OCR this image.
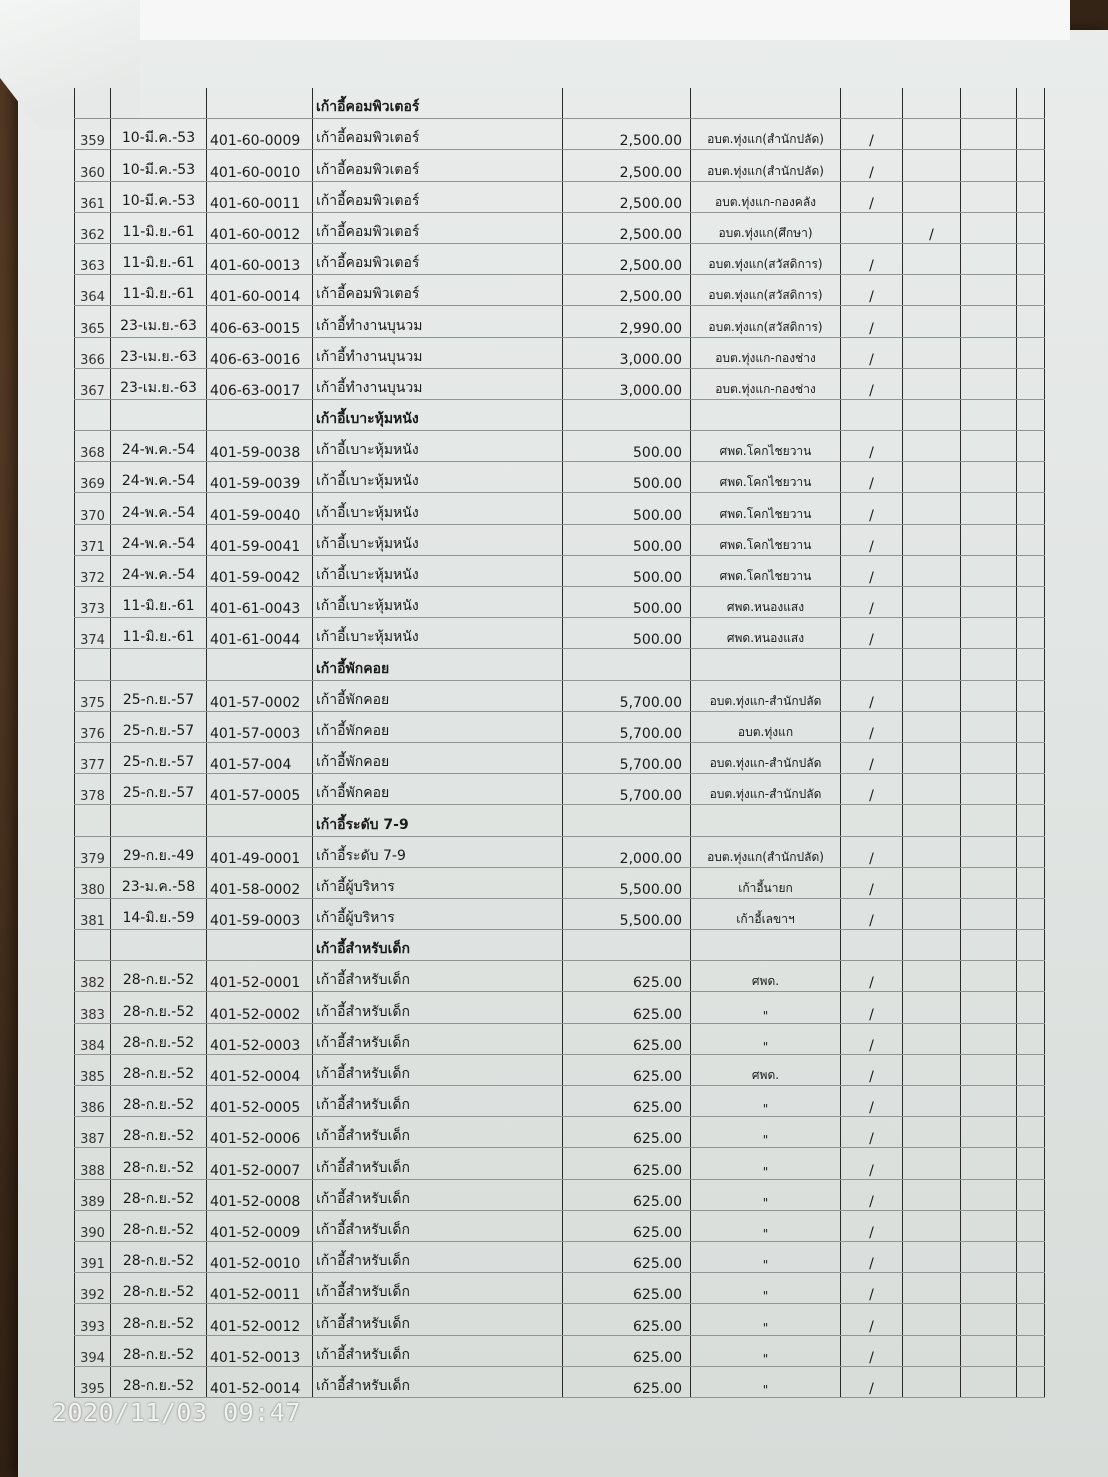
			เก้าอี้คอมพิวเตอร์						
359	10-มี.ค.-53	401-60-0009	เก้าอี้คอมพิวเตอร์	2,500.00	อบต.ทุ่งแก(สำนักปลัด)	/			
360	10-มี.ค.-53	401-60-0010	เก้าอี้คอมพิวเตอร์	2,500.00	อบต.ทุ่งแก(สำนักปลัด)	/			
361	10-มี.ค.-53	401-60-0011	เก้าอี้คอมพิวเตอร์	2,500.00	อบต.ทุ่งแก-กองคลัง	/			
362	11-มิ.ย.-61	401-60-0012	เก้าอี้คอมพิวเตอร์	2,500.00	อบต.ทุ่งแก(ศึกษา)		/		
363	11-มิ.ย.-61	401-60-0013	เก้าอี้คอมพิวเตอร์	2,500.00	อบต.ทุ่งแก(สวัสดิการ)	/			
364	11-มิ.ย.-61	401-60-0014	เก้าอี้คอมพิวเตอร์	2,500.00	อบต.ทุ่งแก(สวัสดิการ)	/			
365	23-เม.ย.-63	406-63-0015	เก้าอี้ทำงานบุนวม	2,990.00	อบต.ทุ่งแก(สวัสดิการ)	/			
366	23-เม.ย.-63	406-63-0016	เก้าอี้ทำงานบุนวม	3,000.00	อบต.ทุ่งแก-กองช่าง	/			
367	23-เม.ย.-63	406-63-0017	เก้าอี้ทำงานบุนวม	3,000.00	อบต.ทุ่งแก-กองช่าง	/			
			เก้าอี้เบาะหุ้มหนัง						
368	24-พ.ค.-54	401-59-0038	เก้าอี้เบาะหุ้มหนัง	500.00	ศพด.โคกไชยวาน	/			
369	24-พ.ค.-54	401-59-0039	เก้าอี้เบาะหุ้มหนัง	500.00	ศพด.โคกไชยวาน	/			
370	24-พ.ค.-54	401-59-0040	เก้าอี้เบาะหุ้มหนัง	500.00	ศพด.โคกไชยวาน	/			
371	24-พ.ค.-54	401-59-0041	เก้าอี้เบาะหุ้มหนัง	500.00	ศพด.โคกไชยวาน	/			
372	24-พ.ค.-54	401-59-0042	เก้าอี้เบาะหุ้มหนัง	500.00	ศพด.โคกไชยวาน	/			
373	11-มิ.ย.-61	401-61-0043	เก้าอี้เบาะหุ้มหนัง	500.00	ศพด.หนองแสง	/			
374	11-มิ.ย.-61	401-61-0044	เก้าอี้เบาะหุ้มหนัง	500.00	ศพด.หนองแสง	/			
			เก้าอี้พักคอย						
375	25-ก.ย.-57	401-57-0002	เก้าอี้พักคอย	5,700.00	อบต.ทุ่งแก-สำนักปลัด	/			
376	25-ก.ย.-57	401-57-0003	เก้าอี้พักคอย	5,700.00	อบต.ทุ่งแก	/			
377	25-ก.ย.-57	401-57-004	เก้าอี้พักคอย	5,700.00	อบต.ทุ่งแก-สำนักปลัด	/			
378	25-ก.ย.-57	401-57-0005	เก้าอี้พักคอย	5,700.00	อบต.ทุ่งแก-สำนักปลัด	/			
			เก้าอี้ระดับ 7-9						
379	29-ก.ย.-49	401-49-0001	เก้าอี้ระดับ 7-9	2,000.00	อบต.ทุ่งแก(สำนักปลัด)	/			
380	23-ม.ค.-58	401-58-0002	เก้าอี้ผู้บริหาร	5,500.00	เก้าอี้นายก	/			
381	14-มิ.ย.-59	401-59-0003	เก้าอี้ผู้บริหาร	5,500.00	เก้าอี้เลขาฯ	/			
			เก้าอี้สำหรับเด็ก						
382	28-ก.ย.-52	401-52-0001	เก้าอี้สำหรับเด็ก	625.00	ศพด.	/			
383	28-ก.ย.-52	401-52-0002	เก้าอี้สำหรับเด็ก	625.00	"	/			
384	28-ก.ย.-52	401-52-0003	เก้าอี้สำหรับเด็ก	625.00	"	/			
385	28-ก.ย.-52	401-52-0004	เก้าอี้สำหรับเด็ก	625.00	ศพด.	/			
386	28-ก.ย.-52	401-52-0005	เก้าอี้สำหรับเด็ก	625.00	"	/			
387	28-ก.ย.-52	401-52-0006	เก้าอี้สำหรับเด็ก	625.00	"	/			
388	28-ก.ย.-52	401-52-0007	เก้าอี้สำหรับเด็ก	625.00	"	/			
389	28-ก.ย.-52	401-52-0008	เก้าอี้สำหรับเด็ก	625.00	"	/			
390	28-ก.ย.-52	401-52-0009	เก้าอี้สำหรับเด็ก	625.00	"	/			
391	28-ก.ย.-52	401-52-0010	เก้าอี้สำหรับเด็ก	625.00	"	/			
392	28-ก.ย.-52	401-52-0011	เก้าอี้สำหรับเด็ก	625.00	"	/			
393	28-ก.ย.-52	401-52-0012	เก้าอี้สำหรับเด็ก	625.00	"	/			
394	28-ก.ย.-52	401-52-0013	เก้าอี้สำหรับเด็ก	625.00	"	/			
395	28-ก.ย.-52	401-52-0014	เก้าอี้สำหรับเด็ก	625.00	"	/			
2020/11/03 09:47
